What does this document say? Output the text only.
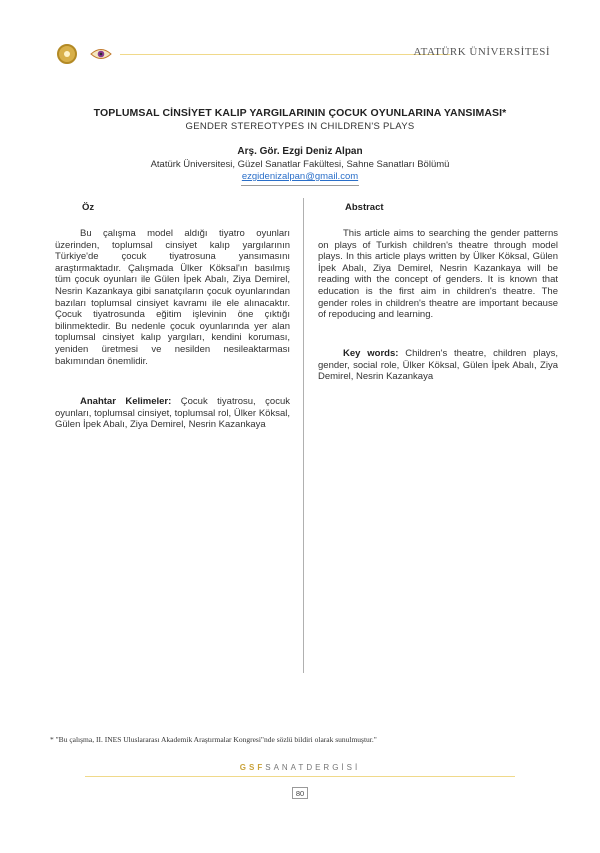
ATATÜRK ÜNİVERSİTESİ
TOPLUMSAL CİNSİYET KALIP YARGILARININ ÇOCUK OYUNLARINA YANSIMASI*
GENDER STEREOTYPES IN CHILDREN'S PLAYS
Arş. Gör. Ezgi Deniz Alpan
Atatürk Üniversitesi, Güzel Sanatlar Fakültesi, Sahne Sanatları Bölümü
ezgidenizalpan@gmail.com
Öz
Bu çalışma model aldığı tiyatro oyunları üzerinden, toplumsal cinsiyet kalıp yargılarının Türkiye'de çocuk tiyatrosuna yansımasını araştırmaktadır. Çalışmada Ülker Köksal'ın basılmış tüm çocuk oyunları ile Gülen İpek Abalı, Ziya Demirel, Nesrin Kazankaya gibi sanatçıların çocuk oyunlarından bazıları toplumsal cinsiyet kavramı ile ele alınacaktır. Çocuk tiyatrosunda eğitim işlevinin öne çıktığı bilinmektedir. Bu nedenle çocuk oyunlarında yer alan toplumsal cinsiyet kalıp yargıları, kendini koruması, yeniden üretmesi ve nesilden nesileaktarması bakımından önemlidir.
Anahtar Kelimeler: Çocuk tiyatrosu, çocuk oyunları, toplumsal cinsiyet, toplumsal rol, Ülker Köksal, Gülen İpek Abalı, Ziya Demirel, Nesrin Kazankaya
Abstract
This article aims to searching the gender patterns on plays of Turkish children's theatre through model plays. In this article plays written by Ülker Köksal, Gülen İpek Abalı, Ziya Demirel, Nesrin Kazankaya will be reading with the concept of genders. It is known that education is the first aim in children's theatre. The gender roles in children's theatre are important because of repoducing and learning.
Key words: Children's theatre, children plays, gender, social role, Ülker Köksal, Gülen İpek Abalı, Ziya Demirel, Nesrin Kazankaya
* "Bu çalışma, II. INES Uluslararası Akademik Araştırmalar Kongresi"nde sözlü bildiri olarak sunulmuştur."
GSFSANATDERGİSİ
80
